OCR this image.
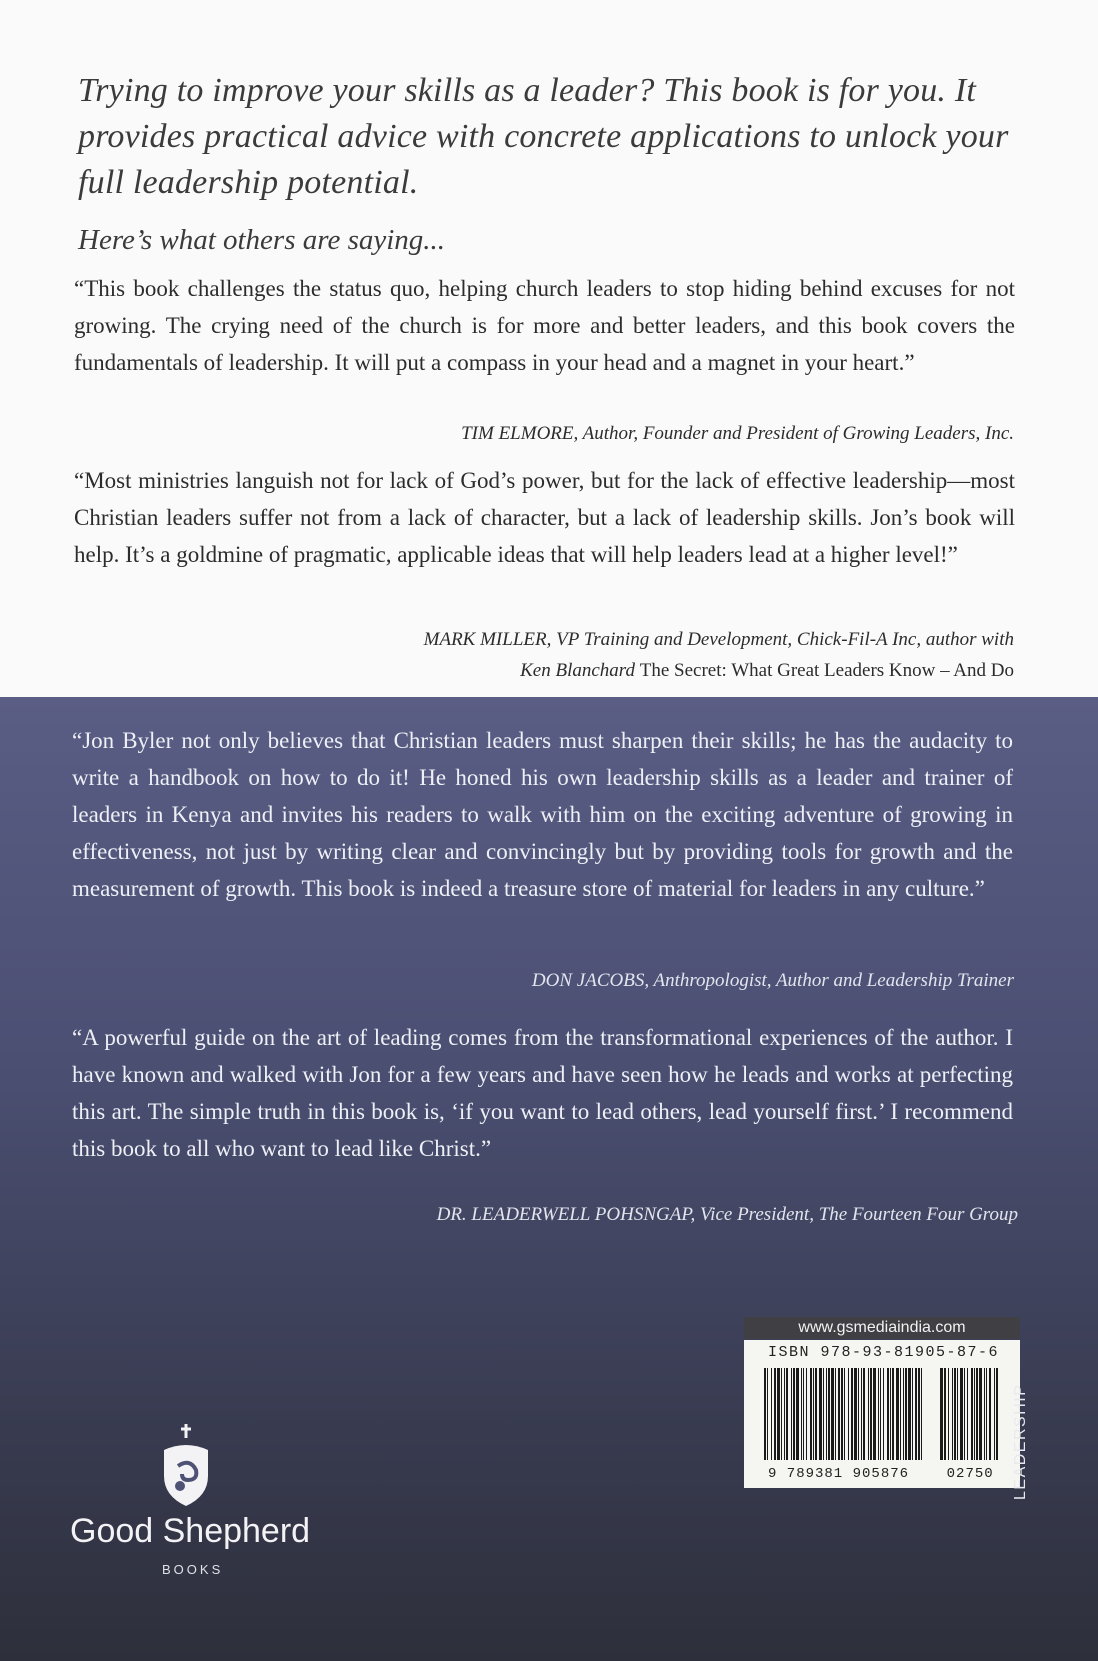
Trying to improve your skills as a leader? This book is for you. It provides practical advice with concrete applications to unlock your full leadership potential.

Here’s what others are saying...

“This book challenges the status quo, helping church leaders to stop hiding behind excuses for not growing. The crying need of the church is for more and better leaders, and this book covers the fundamentals of leadership. It will put a compass in your head and a magnet in your heart.”

TIM ELMORE, Author, Founder and President of Growing Leaders, Inc.

“Most ministries languish not for lack of God’s power, but for the lack of effective leadership—most Christian leaders suffer not from a lack of character, but a lack of leadership skills. Jon’s book will help. It’s a goldmine of pragmatic, applicable ideas that will help leaders lead at a higher level!”

MARK MILLER, VP Training and Development, Chick-Fil-A Inc, author with
Ken Blanchard The Secret: What Great Leaders Know – And Do

“Jon Byler not only believes that Christian leaders must sharpen their skills; he has the audacity to write a handbook on how to do it! He honed his own leadership skills as a leader and trainer of leaders in Kenya and invites his readers to walk with him on the exciting adventure of growing in effectiveness, not just by writing clear and convincingly but by providing tools for growth and the measurement of growth. This book is indeed a treasure store of material for leaders in any culture.”

DON JACOBS, Anthropologist, Author and Leadership Trainer

“A powerful guide on the art of leading comes from the transformational experiences of the author. I have known and walked with Jon for a few years and have seen how he leads and works at perfecting this art. The simple truth in this book is, ‘if you want to lead others, lead yourself first.’ I recommend this book to all who want to lead like Christ.”

DR. LEADERWELL POHSNGAP, Vice President, The Fourteen Four Group

Good Shepherd

BOOKS

www.gsmediaindia.com

ISBN 978-93-81905-87-6

9 789381 905876	02750 LEADERSHIP
